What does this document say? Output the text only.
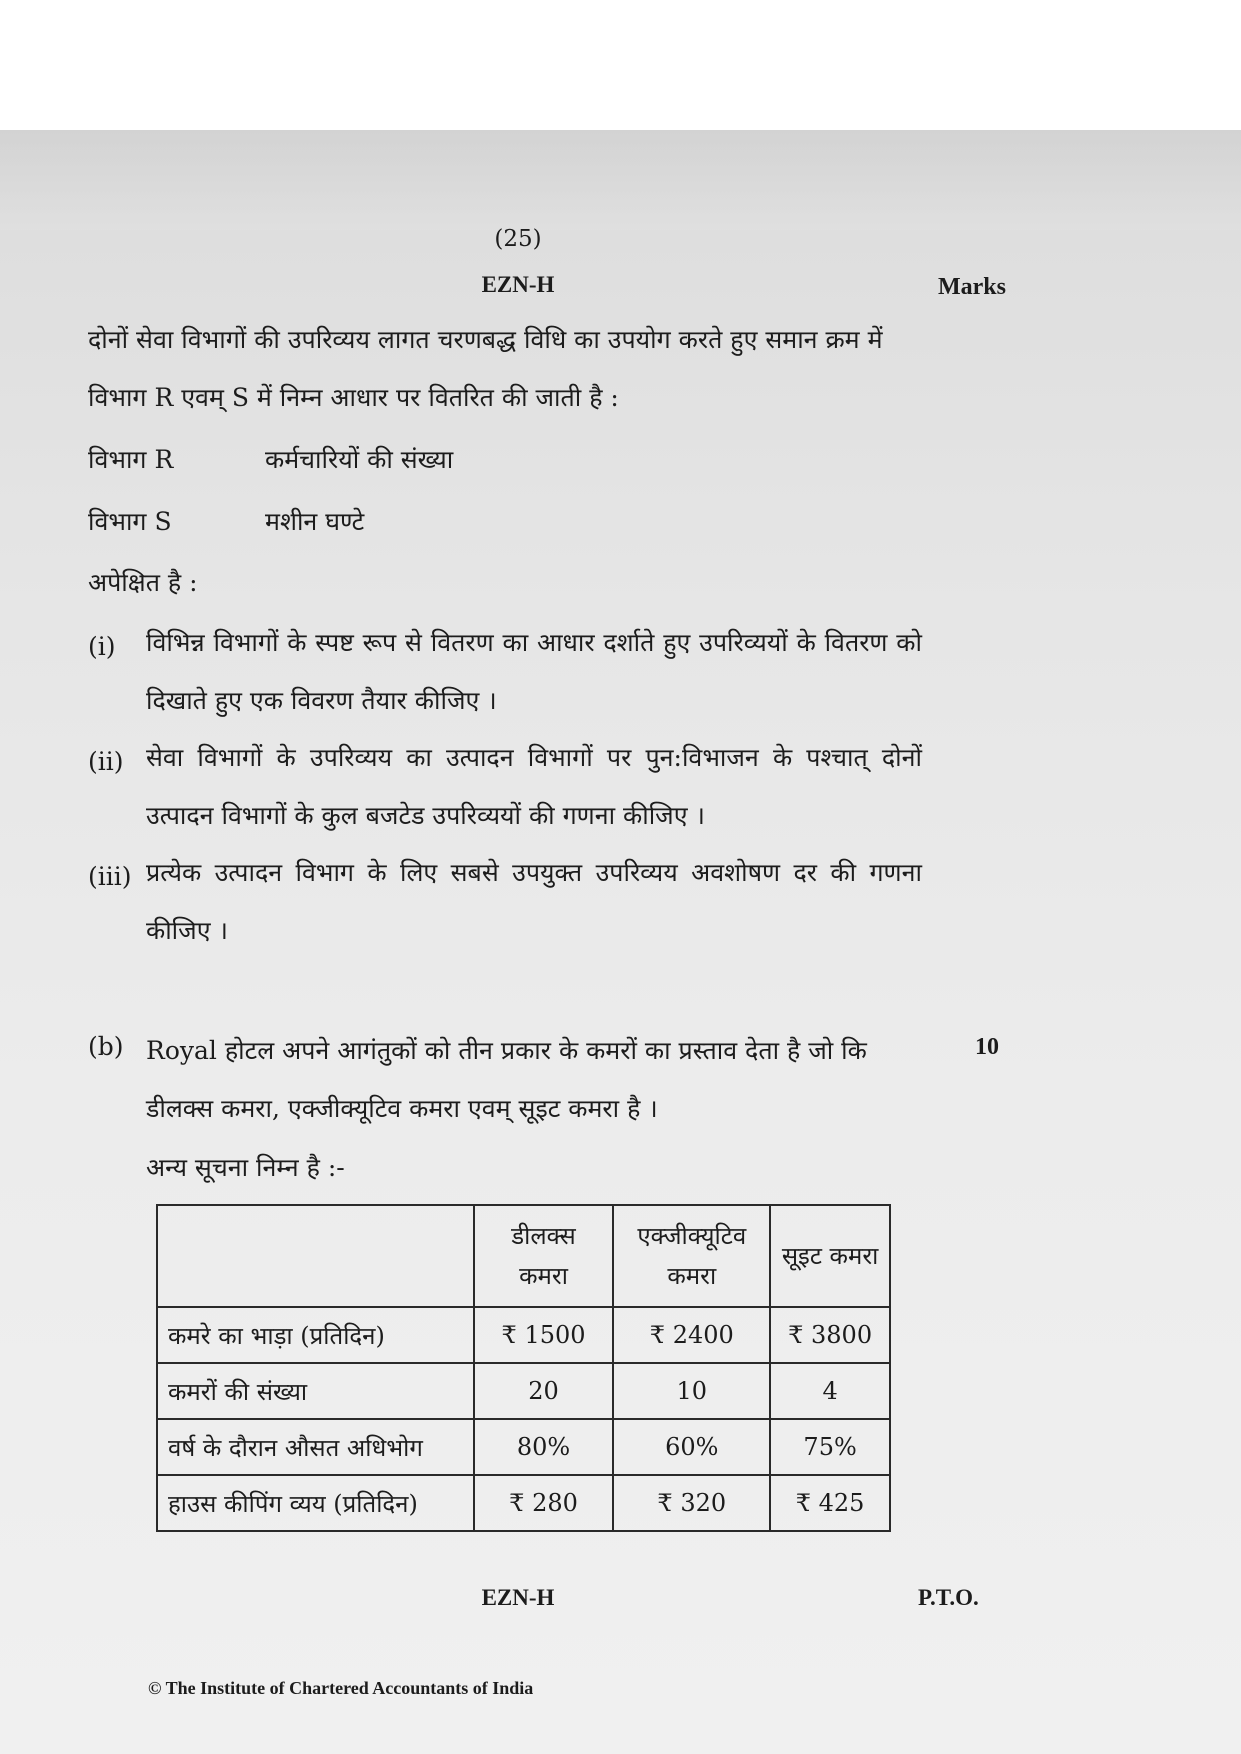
(25)
EZN-H	Marks
दोनों सेवा विभागों की उपरिव्यय लागत चरणबद्ध विधि का उपयोग करते हुए समान क्रम में विभाग R एवम् S में निम्न आधार पर वितरित की जाती है :
विभाग R	कर्मचारियों की संख्या
विभाग S	मशीन घण्टे
अपेक्षित है :
(i) विभिन्न विभागों के स्पष्ट रूप से वितरण का आधार दर्शाते हुए उपरिव्ययों के वितरण को दिखाते हुए एक विवरण तैयार कीजिए ।
(ii) सेवा विभागों के उपरिव्यय का उत्पादन विभागों पर पुन:विभाजन के पश्चात् दोनों उत्पादन विभागों के कुल बजटेड उपरिव्ययों की गणना कीजिए ।
(iii) प्रत्येक उत्पादन विभाग के लिए सबसे उपयुक्त उपरिव्यय अवशोषण दर की गणना कीजिए ।
(b) Royal होटल अपने आगंतुकों को तीन प्रकार के कमरों का प्रस्ताव देता है जो कि डीलक्स कमरा, एक्जीक्यूटिव कमरा एवम् सूइट कमरा है ।
10
अन्य सूचना निम्न है :-
	डीलक्स कमरा	एक्जीक्यूटिव कमरा	सूइट कमरा
कमरे का भाड़ा (प्रतिदिन)	₹ 1500	₹ 2400	₹ 3800
कमरों की संख्या	20	10	4
वर्ष के दौरान औसत अधिभोग	80%	60%	75%
हाउस कीपिंग व्यय (प्रतिदिन)	₹ 280	₹ 320	₹ 425
EZN-H	P.T.O.
© The Institute of Chartered Accountants of India
